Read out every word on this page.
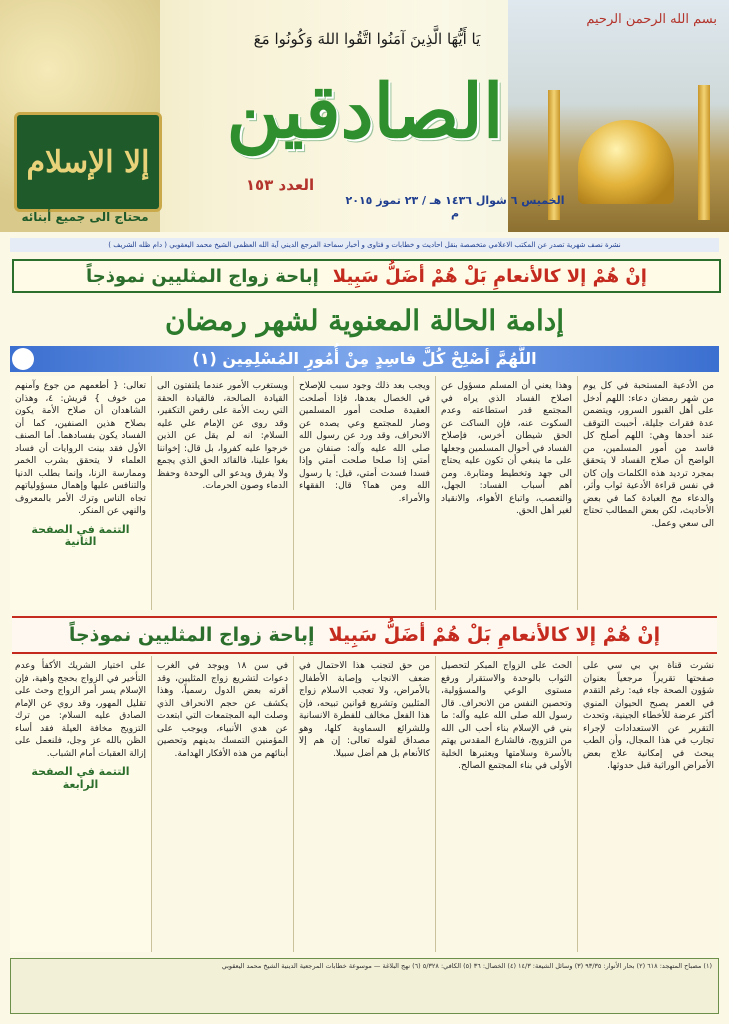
إلا الإسلام
محتاج الى جميع أبنائه
بسم الله الرحمن الرحيم
يَا أَيُّهَا الَّذِينَ آمَنُوا اتَّقُوا اللهَ وَكُونُوا مَعَ
الصادقين
العدد ١٥٣
الخميس ٦ شوال ١٤٣٦ هـ / ٢٣ تموز ٢٠١٥ م
نشرة نصف شهرية تصدر عن المكتب الاعلامي متخصصة بنقل احاديث و خطابات و فتاوى و أخبار سماحة المرجع الديني آية الله العظمى الشيخ محمد اليعقوبي ( دام ظله الشريف )
إنْ هُمْ إلا كالأنعامِ بَلْ هُمْ أضَلُّ سَبِيلا
إباحة زواج المثليين نموذجاً
إدامة الحالة المعنوية لشهر رمضان
اللَّهُمَّ أصْلِحْ كُلَّ فاسِدٍ مِنْ أُمُورِ المُسْلِمِين (١)
من الأدعية المستحبة في كل يوم من شهر رمضان دعاء: اللهم أدخل على أهل القبور السرور، ويتضمن عدة فقرات جليلة، أحببت التوقف عند أحدها وهي: اللهم أصلح كل فاسد من أمور المسلمين، من الواضح أن صلاح الفساد لا يتحقق بمجرد ترديد هذه الكلمات وإن كان في نفس قراءة الأدعية ثواب وأثر، والدعاء مخ العبادة كما في بعض الأحاديث، لكن بعض المطالب تحتاج الى سعي وعمل.
وهذا يعني أن المسلم مسؤول عن اصلاح الفساد الذي يراه في المجتمع قدر استطاعته وعدم السكوت عنه، فإن الساكت عن الحق شيطان أخرس، فإصلاح الفساد في أحوال المسلمين وجعلها على ما ينبغي أن تكون عليه يحتاج الى جهد وتخطيط ومثابرة. ومن أهم أسباب الفساد: الجهل، والتعصب، واتباع الأهواء، والانقياد لغير أهل الحق.
ويجب بعد ذلك وجود سبب للإصلاح في الخصال بعدها، فإذا أصلحت العقيدة صلحت أمور المسلمين وصار للمجتمع وعي يصده عن الانحراف، وقد ورد عن رسول الله صلى الله عليه وآله: صنفان من أمتي إذا صلحا صلحت أمتي وإذا فسدا فسدت أمتي، قيل: يا رسول الله ومن هما؟ قال: الفقهاء والأمراء.
ويستغرب الأمور عندما يلتفتون الى القيادة الصالحة، فالقيادة الحقة التي ربت الأمة على رفض التكفير، وقد روى عن الإمام علي عليه السلام: انه لم يقل عن الذين خرجوا عليه كفروا، بل قال: إخواننا بغوا علينا، فالقائد الحق الذي يجمع ولا يفرق ويدعو الى الوحدة وحفظ الدماء وصون الحرمات.
تعالى: { أطعمهم من جوع وآمنهم من خوف } قريش: ٤، وهذان الشاهدان أن صلاح الأمة يكون بصلاح هذين الصنفين، كما أن الفساد يكون بفسادهما. أما الصنف الأول فقد بينت الروايات أن فساد العلماء لا يتحقق بشرب الخمر وممارسة الزنا، وإنما بطلب الدنيا والتنافس عليها وإهمال مسؤولياتهم تجاه الناس وترك الأمر بالمعروف والنهي عن المنكر.
التتمة في الصفحة الثانية
إنْ هُمْ إلا كالأنعامِ بَلْ هُمْ أضَلُّ سَبِيلا
إباحة زواج المثليين نموذجاً
نشرت قناة بي بي سي على صفحتها تقريراً مرجعياً بعنوان شؤون الصحة جاء فيه: رغم التقدم في العمر يصبح الحيوان المنوي أكثر عرضة للأخطاء الجينية، وتحدث التقرير عن الاستعدادات لإجراء تجارب في هذا المجال، وأن الطب يبحث في إمكانية علاج بعض الأمراض الوراثية قبل حدوثها.
الحث على الزواج المبكر لتحصيل الثواب بالوحدة والاستقرار ورفع مستوى الوعي والمسؤولية، وتحصين النفس من الانحراف. قال رسول الله صلى الله عليه وآله: ما بني في الإسلام بناء أحب الى الله من التزويج، فالشارع المقدس يهتم بالأسرة وسلامتها ويعتبرها الخلية الأولى في بناء المجتمع الصالح.
من حق لتجنب هذا الاحتمال في ضعف الانجاب وإصابة الأطفال بالأمراض، ولا تعجب الاسلام زواج المثليين وتشريع قوانين تبيحه، فإن هذا الفعل مخالف للفطرة الانسانية وللشرائع السماوية كلها، وهو مصداق لقوله تعالى: إن هم إلا كالأنعام بل هم أضل سبيلا.
في سن ١٨ ويوجد في الغرب دعوات لتشريع زواج المثليين، وقد أقرته بعض الدول رسمياً، وهذا يكشف عن حجم الانحراف الذي وصلت اليه المجتمعات التي ابتعدت عن هدي الأنبياء، ويوجب على المؤمنين التمسك بدينهم وتحصين أبنائهم من هذه الأفكار الهدامة.
على اختيار الشريك الأكفأ وعدم التأخير في الزواج بحجج واهية، فإن الإسلام يسر أمر الزواج وحث على تقليل المهور، وقد روي عن الإمام الصادق عليه السلام: من ترك التزويج مخافة العيلة فقد أساء الظن بالله عز وجل، فلنعمل على إزالة العقبات أمام الشباب.
التتمة في الصفحة الرابعة
(١) مصباح المتهجد: ٦١٨ (٢) بحار الأنوار: ٩٣/٣٥ (٣) وسائل الشيعة: ١٤/٣ (٤) الخصال: ٣٦ (٥) الكافي: ٥/٣٢٨ (٦) نهج البلاغة — موسوعة خطابات المرجعية الدينية الشيخ محمد اليعقوبي
